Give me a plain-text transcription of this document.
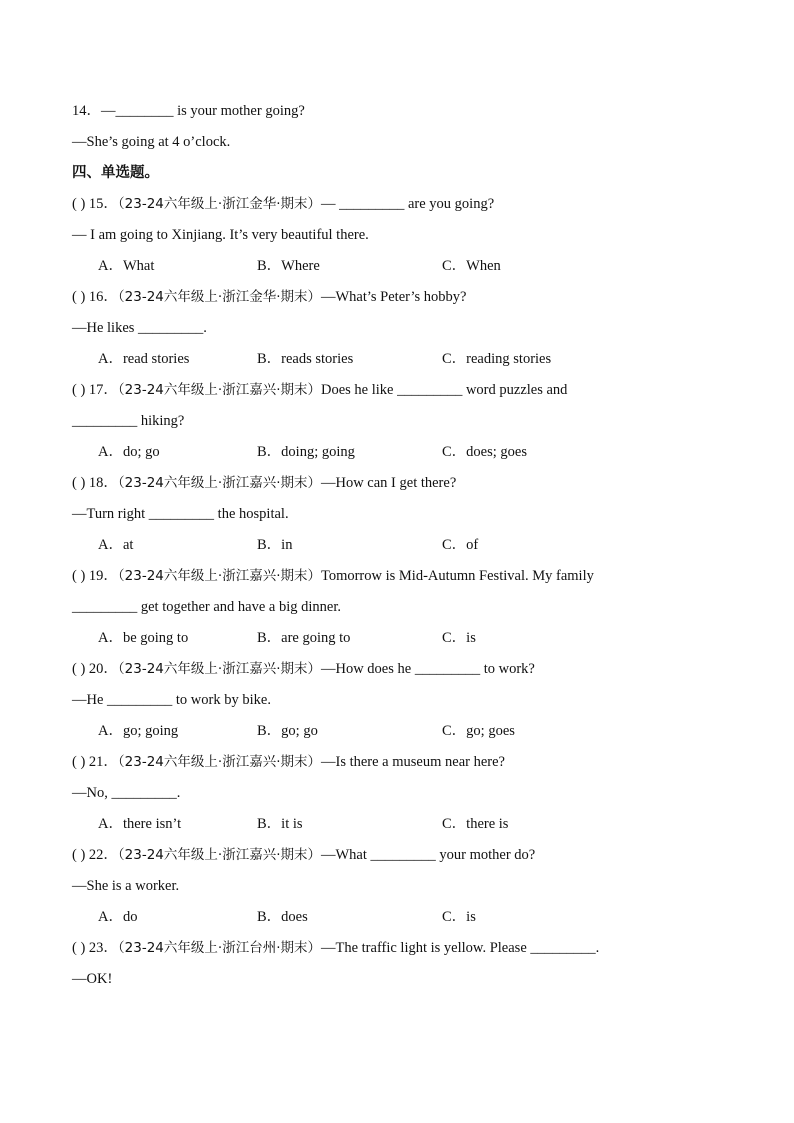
14．—________ is your mother going?
—She’s going at 4 o’clock.
四、单选题。
( ) 15．（23-24六年级上·浙江金华·期末）— _________ are you going?
— I am going to Xinjiang. It’s very beautiful there.
A．What	B．Where	C．When
( ) 16．（23-24六年级上·浙江金华·期末）—What’s Peter’s hobby?
—He likes _________.
A．read stories	B．reads stories	C．reading stories
( ) 17．（23-24六年级上·浙江嘉兴·期末）Does he like _________ word puzzles and
_________ hiking?
A．do; go	B．doing; going	C．does; goes
( ) 18．（23-24六年级上·浙江嘉兴·期末）—How can I get there?
—Turn right _________ the hospital.
A．at	B．in	C．of
( ) 19．（23-24六年级上·浙江嘉兴·期末）Tomorrow is Mid-Autumn Festival. My family
_________ get together and have a big dinner.
A．be going to	B．are going to	C．is
( ) 20．（23-24六年级上·浙江嘉兴·期末）—How does he _________ to work?
—He _________ to work by bike.
A．go; going	B．go; go	C．go; goes
( ) 21．（23-24六年级上·浙江嘉兴·期末）—Is there a museum near here?
—No, _________.
A．there isn’t	B．it is	C．there is
( ) 22．（23-24六年级上·浙江嘉兴·期末）—What _________ your mother do?
—She is a worker.
A．do	B．does	C．is
( ) 23．（23-24六年级上·浙江台州·期末）—The traffic light is yellow. Please _________.
—OK!
